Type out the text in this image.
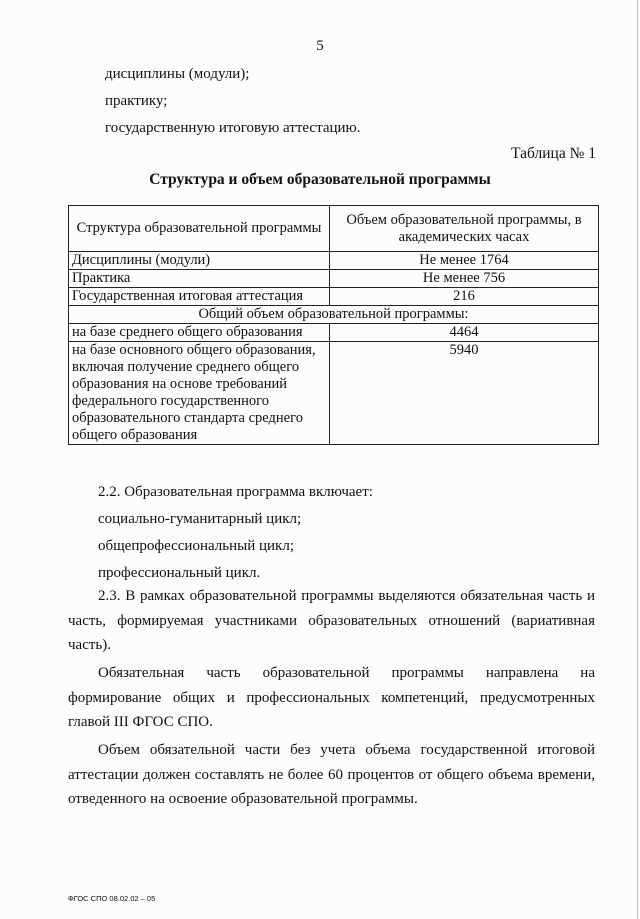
5
дисциплины (модули);
практику;
государственную итоговую аттестацию.
Таблица № 1
Структура и объем образовательной программы
Структура образовательной программы	Объем образовательной программы, в академических часах
Дисциплины (модули)	Не менее 1764
Практика	Не менее 756
Государственная итоговая аттестация	216
Общий объем образовательной программы:	
на базе среднего общего образования	4464
на базе основного общего образования, включая получение среднего общего образования на основе требований федерального государственного образовательного стандарта среднего общего образования	5940
2.2. Образовательная программа включает:
социально-гуманитарный цикл;
общепрофессиональный цикл;
профессиональный цикл.
2.3. В рамках образовательной программы выделяются обязательная часть и часть, формируемая участниками образовательных отношений (вариативная часть).
Обязательная часть образовательной программы направлена на формирование общих и профессиональных компетенций, предусмотренных главой III ФГОС СПО.
Объем обязательной части без учета объема государственной итоговой аттестации должен составлять не более 60 процентов от общего объема времени, отведенного на освоение образовательной программы.
ФГОС СПО 08.02.02 – 05
